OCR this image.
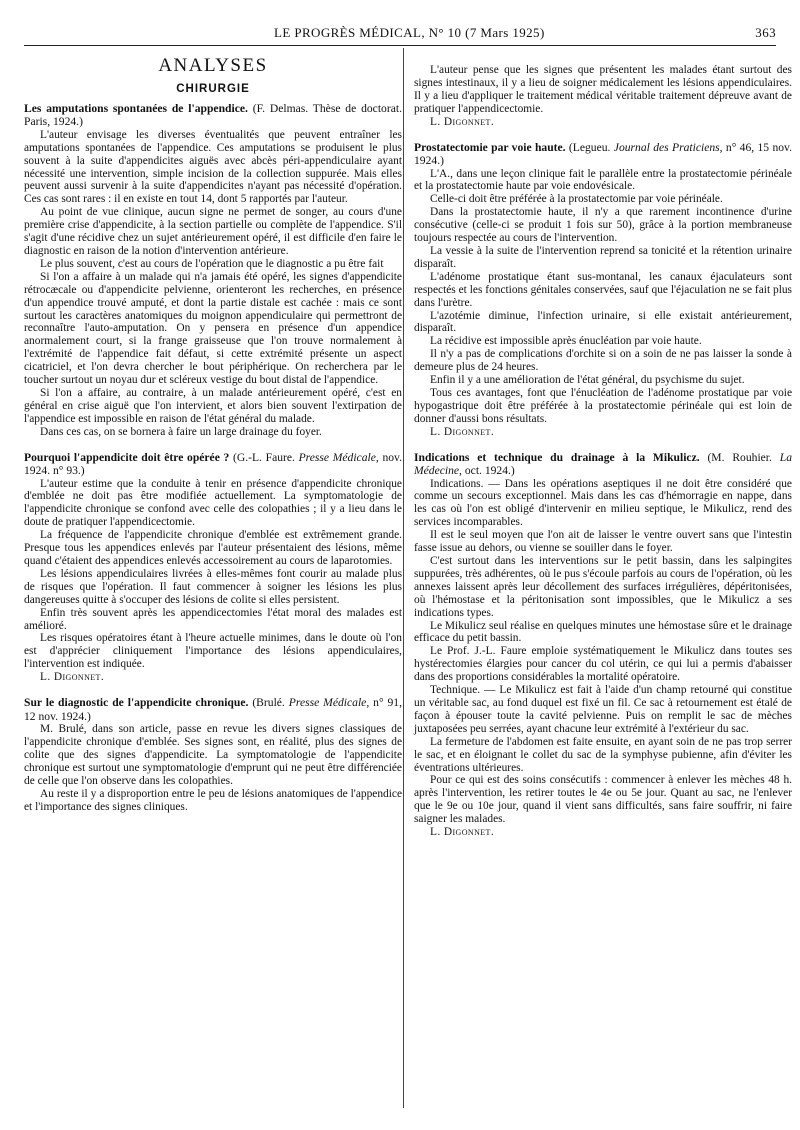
LE PROGRÈS MÉDICAL, N° 10 (7 Mars 1925)	363
ANALYSES
CHIRURGIE

Les amputations spontanées de l'appendice. (F. Delmas. Thèse de doctorat. Paris, 1924.)

L'auteur envisage les diverses éventualités que peuvent entraîner les amputations spontanées de l'appendice. Ces amputations se produisent le plus souvent à la suite d'appendicites aiguës avec abcès péri-appendiculaire ayant nécessité une intervention, simple incision de la collection suppurée. Mais elles peuvent aussi survenir à la suite d'appendicites n'ayant pas nécessité d'opération. Ces cas sont rares : il en existe en tout 14, dont 5 rapportés par l'auteur.

Au point de vue clinique, aucun signe ne permet de songer, au cours d'une première crise d'appendicite, à la section partielle ou complète de l'appendice. S'il s'agit d'une récidive chez un sujet antérieurement opéré, il est difficile d'en faire le diagnostic en raison de la notion d'intervention antérieure.

Le plus souvent, c'est au cours de l'opération que le diagnostic a pu être fait

Si l'on a affaire à un malade qui n'a jamais été opéré, les signes d'appendicite rétrocæcale ou d'appendicite pelvienne, orienteront les recherches, en présence d'un appendice trouvé amputé, et dont la partie distale est cachée : mais ce sont surtout les caractères anatomiques du moignon appendiculaire qui permettront de reconnaître l'auto-amputation. On y pensera en présence d'un appendice anormalement court, si la frange graisseuse que l'on trouve normalement à l'extrémité de l'appendice fait défaut, si cette extrémité présente un aspect cicatriciel, et l'on devra chercher le bout périphérique. On recherchera par le toucher surtout un noyau dur et scléreux vestige du bout distal de l'appendice.

Si l'on a affaire, au contraire, à un malade antérieurement opéré, c'est en général en crise aiguë que l'on intervient, et alors bien souvent l'extirpation de l'appendice est impossible en raison de l'état général du malade.

Dans ces cas, on se bornera à faire un large drainage du foyer.

Pourquoi l'appendicite doit être opérée ? (G.-L. Faure. Presse Médicale, nov. 1924. n° 93.)

L'auteur estime que la conduite à tenir en présence d'appendicite chronique d'emblée ne doit pas être modifiée actuellement. La symptomatologie de l'appendicite chronique se confond avec celle des colopathies ; il y a lieu dans le doute de pratiquer l'appendicectomie.

La fréquence de l'appendicite chronique d'emblée est extrêmement grande. Presque tous les appendices enlevés par l'auteur présentaient des lésions, même quand c'étaient des appendices enlevés accessoirement au cours de laparotomies.

Les lésions appendiculaires livrées à elles-mêmes font courir au malade plus de risques que l'opération. Il faut commencer à soigner les lésions les plus dangereuses quitte à s'occuper des lésions de colite si elles persistent.

Enfin très souvent après les appendicectomies l'état moral des malades est amélioré.

Les risques opératoires étant à l'heure actuelle minimes, dans le doute où l'on est d'apprécier cliniquement l'importance des lésions appendiculaires, l'intervention est indiquée.

L. Digonnet.

Sur le diagnostic de l'appendicite chronique. (Brulé. Presse Médicale, n° 91, 12 nov. 1924.)

M. Brulé, dans son article, passe en revue les divers signes classiques de l'appendicite chronique d'emblée. Ses signes sont, en réalité, plus des signes de colite que des signes d'appendicite. La symptomatologie de l'appendicite chronique est surtout une symptomatologie d'emprunt qui ne peut être différenciée de celle que l'on observe dans les colopathies.

Au reste il y a disproportion entre le peu de lésions anatomiques de l'appendice et l'importance des signes cliniques.

L'auteur pense que les signes que présentent les malades étant surtout des signes intestinaux, il y a lieu de soigner médicalement les lésions appendiculaires. Il y a lieu d'appliquer le traitement médical véritable traitement dépreuve avant de pratiquer l'appendicectomie.

L. Digonnet.

Prostatectomie par voie haute. (Legueu. Journal des Praticiens, n° 46, 15 nov. 1924.)

L'A., dans une leçon clinique fait le parallèle entre la prostatectomie périnéale et la prostatectomie haute par voie endovésicale.

Celle-ci doit être préférée à la prostatectomie par voie périnéale.

Dans la prostatectomie haute, il n'y a que rarement incontinence d'urine consécutive (celle-ci se produit 1 fois sur 50), grâce à la portion membraneuse toujours respectée au cours de l'intervention.

La vessie à la suite de l'intervention reprend sa tonicité et la rétention urinaire disparaît.

L'adénome prostatique étant sus-montanal, les canaux éjaculateurs sont respectés et les fonctions génitales conservées, sauf que l'éjaculation ne se fait plus dans l'urètre.

L'azotémie diminue, l'infection urinaire, si elle existait antérieurement, disparaît.

La récidive est impossible après énucléation par voie haute.

Il n'y a pas de complications d'orchite si on a soin de ne pas laisser la sonde à demeure plus de 24 heures.

Enfin il y a une amélioration de l'état général, du psychisme du sujet.

Tous ces avantages, font que l'énucléation de l'adénome prostatique par voie hypogastrique doit être préférée à la prostatectomie périnéale qui est loin de donner d'aussi bons résultats.

L. Digonnet.

Indications et technique du drainage à la Mikulicz. (M. Rouhier. La Médecine, oct. 1924.)

Indications. — Dans les opérations aseptiques il ne doit être considéré que comme un secours exceptionnel. Mais dans les cas d'hémorragie en nappe, dans les cas où l'on est obligé d'intervenir en milieu septique, le Mikulicz, rend des services incomparables.

Il est le seul moyen que l'on ait de laisser le ventre ouvert sans que l'intestin fasse issue au dehors, ou vienne se souiller dans le foyer.

C'est surtout dans les interventions sur le petit bassin, dans les salpingites suppurées, très adhérentes, où le pus s'écoule parfois au cours de l'opération, où les annexes laissent après leur décollement des surfaces irrégulières, dépéritonisées, où l'hémostase et la péritonisation sont impossibles, que le Mikulicz a ses indications types.

Le Mikulicz seul réalise en quelques minutes une hémostase sûre et le drainage efficace du petit bassin.

Le Prof. J.-L. Faure emploie systématiquement le Mikulicz dans toutes ses hystérectomies élargies pour cancer du col utérin, ce qui lui a permis d'abaisser dans des proportions considérables la mortalité opératoire.

Technique. — Le Mikulicz est fait à l'aide d'un champ retourné qui constitue un véritable sac, au fond duquel est fixé un fil. Ce sac à retournement est étalé de façon à épouser toute la cavité pelvienne. Puis on remplit le sac de mèches juxtaposées peu serrées, ayant chacune leur extrémité à l'extérieur du sac.

La fermeture de l'abdomen est faite ensuite, en ayant soin de ne pas trop serrer le sac, et en éloignant le collet du sac de la symphyse pubienne, afin d'éviter les éventrations ultérieures.

Pour ce qui est des soins consécutifs : commencer à enlever les mèches 48 h. après l'intervention, les retirer toutes le 4e ou 5e jour. Quant au sac, ne l'enlever que le 9e ou 10e jour, quand il vient sans difficultés, sans faire souffrir, ni faire saigner les malades.

L. Digonnet.
